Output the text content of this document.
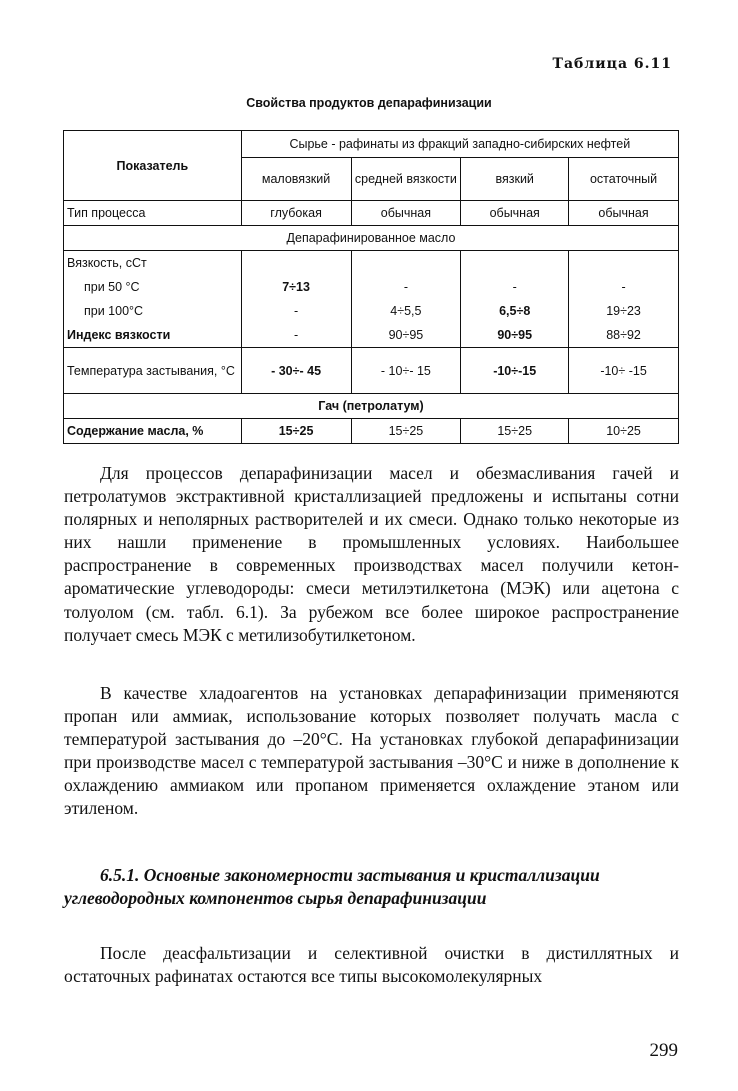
Таблица 6.11
Свойства продуктов депарафинизации
Показатель	Сырье - рафинаты из фракций западно-сибирских нефтей			
	маловязкий	средней вязкости	вязкий	остаточный
Тип процесса	глубокая	обычная	обычная	обычная
Депарафинированное масло				
Вязкость, сСт				
при 50 °С	7÷13	-	-	-
при 100°С	-	4÷5,5	6,5÷8	19÷23
Индекс вязкости	-	90÷95	90÷95	88÷92
Температура застывания, °С	- 30÷- 45	- 10÷- 15	-10÷-15	-10÷ -15
Гач (петролатум)				
Содержание масла, %	15÷25	15÷25	15÷25	10÷25

Для процессов депарафинизации масел и обезмасливания гачей и петролатумов экстрактивной кристаллизацией предложены и испытаны сотни полярных и неполярных растворителей и их смеси. Однако только некоторые из них нашли применение в промышленных условиях. Наибольшее распространение в современных производствах масел получили кетон-ароматические углеводороды: смеси метилэтилкетона (МЭК) или ацетона с толуолом (см. табл. 6.1). За рубежом все более широкое распространение получает смесь МЭК с метилизобутилкетоном.

В качестве хладоагентов на установках депарафинизации применяются пропан или аммиак, использование которых позволяет получать масла с температурой застывания до –20°С. На установках глубокой депарафинизации при производстве масел с температурой застывания –30°С и ниже в дополнение к охлаждению аммиаком или пропаном применяется охлаждение этаном или этиленом.

6.5.1. Основные закономерности застывания и кристаллизации углеводородных компонентов сырья депарафинизации

После деасфальтизации и селективной очистки в дистиллятных и остаточных рафинатах остаются все типы высокомолекулярных

299
